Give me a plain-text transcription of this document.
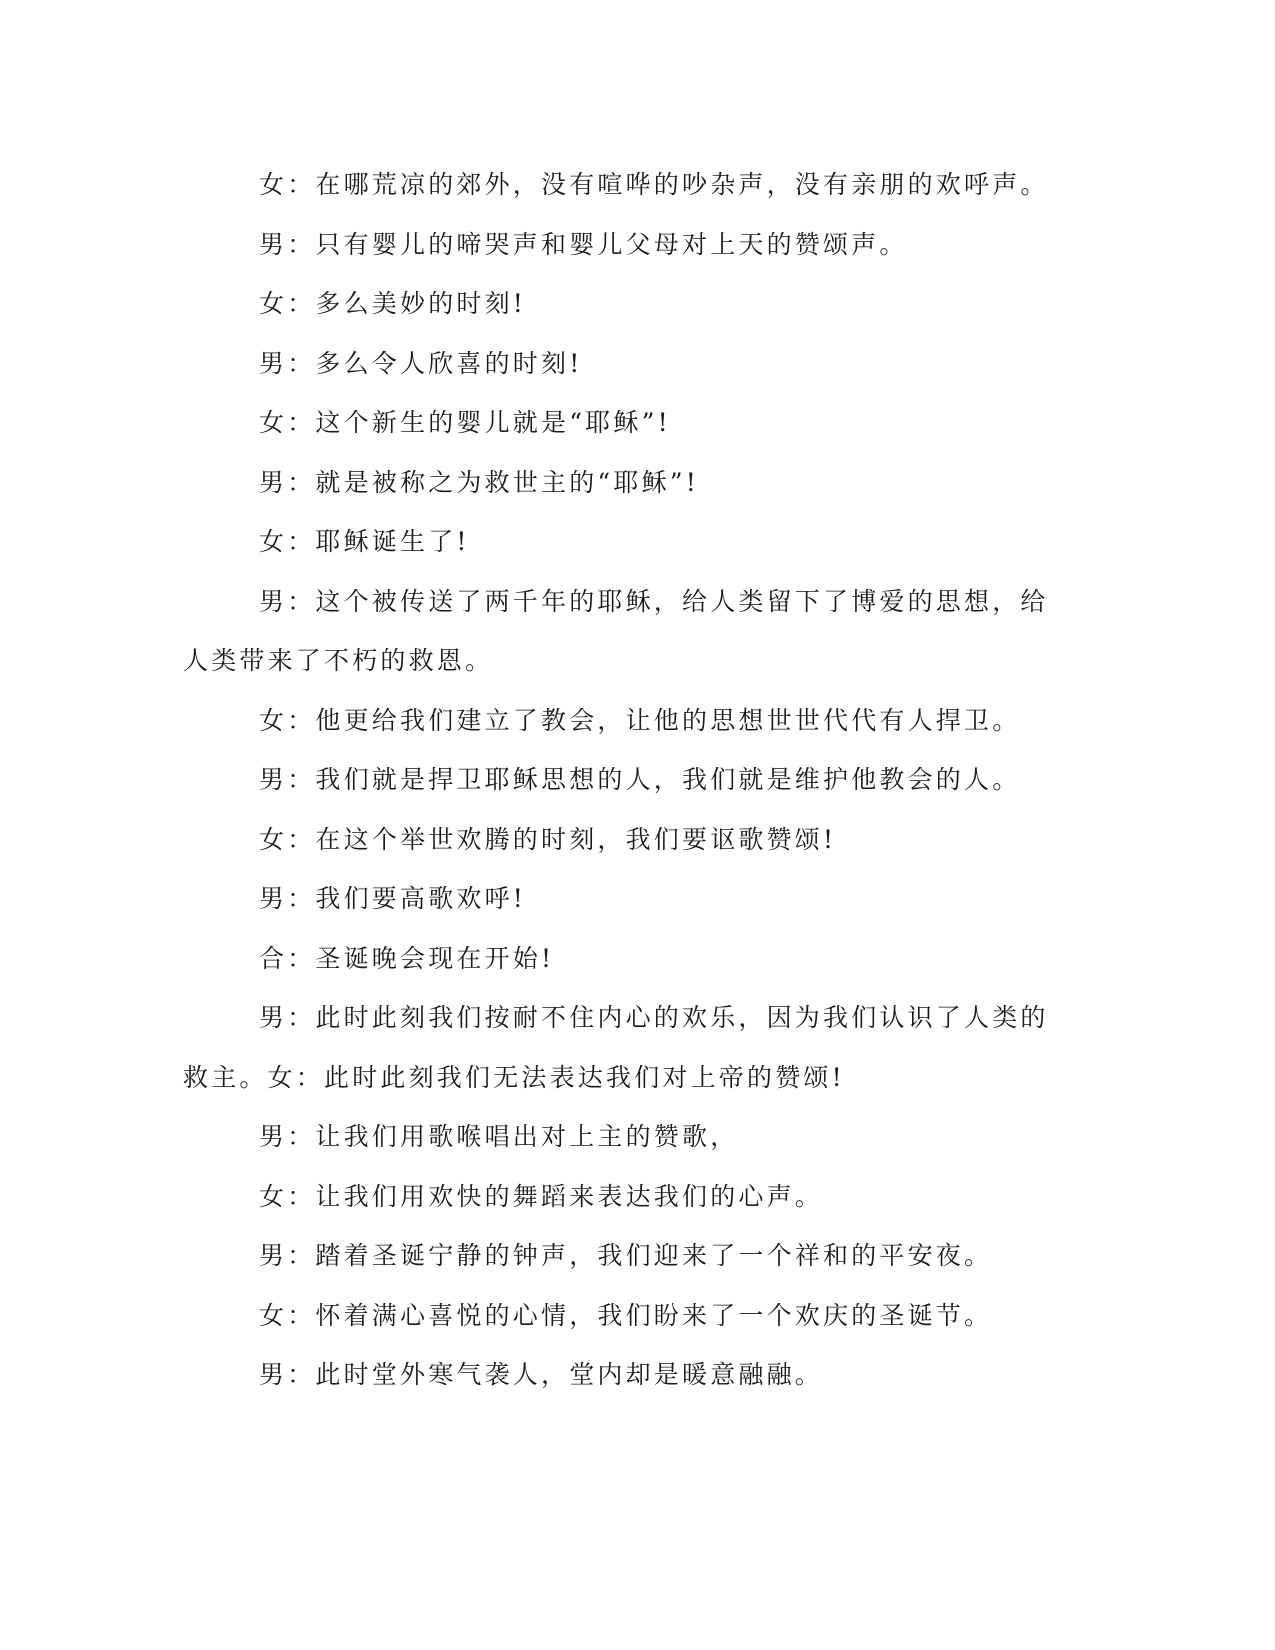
女：在哪荒凉的郊外，没有喧哗的吵杂声，没有亲朋的欢呼声。

男：只有婴儿的啼哭声和婴儿父母对上天的赞颂声。

女：多么美妙的时刻!

男：多么令人欣喜的时刻!

女：这个新生的婴儿就是“耶稣”!

男：就是被称之为救世主的“耶稣”!

女：耶稣诞生了!

男：这个被传送了两千年的耶稣，给人类留下了博爱的思想，给人类带来了不朽的救恩。

女：他更给我们建立了教会，让他的思想世世代代有人捍卫。

男：我们就是捍卫耶稣思想的人，我们就是维护他教会的人。

女：在这个举世欢腾的时刻，我们要讴歌赞颂!

男：我们要高歌欢呼!

合：圣诞晚会现在开始!

男：此时此刻我们按耐不住内心的欢乐，因为我们认识了人类的救主。女：此时此刻我们无法表达我们对上帝的赞颂!

男：让我们用歌喉唱出对上主的赞歌，

女：让我们用欢快的舞蹈来表达我们的心声。

男：踏着圣诞宁静的钟声，我们迎来了一个祥和的平安夜。

女：怀着满心喜悦的心情，我们盼来了一个欢庆的圣诞节。

男：此时堂外寒气袭人，堂内却是暖意融融。
